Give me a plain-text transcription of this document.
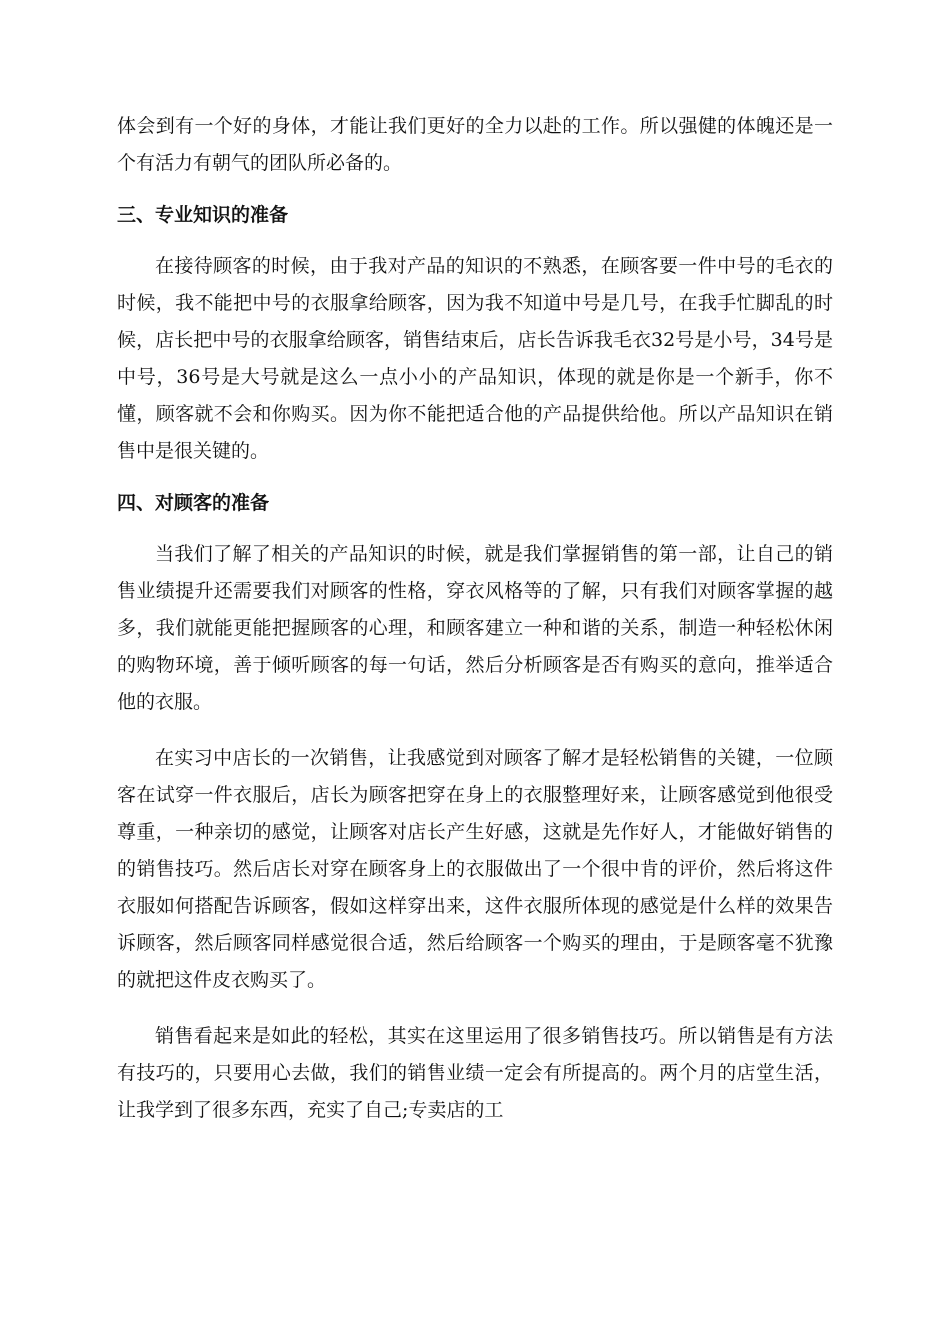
体会到有一个好的身体，才能让我们更好的全力以赴的工作。所以强健的体魄还是一个有活力有朝气的团队所必备的。

三、专业知识的准备

在接待顾客的时候，由于我对产品的知识的不熟悉，在顾客要一件中号的毛衣的时候，我不能把中号的衣服拿给顾客，因为我不知道中号是几号，在我手忙脚乱的时候，店长把中号的衣服拿给顾客，销售结束后，店长告诉我毛衣32号是小号，34号是中号，36号是大号就是这么一点小小的产品知识，体现的就是你是一个新手，你不懂，顾客就不会和你购买。因为你不能把适合他的产品提供给他。所以产品知识在销售中是很关键的。

四、对顾客的准备

当我们了解了相关的产品知识的时候，就是我们掌握销售的第一部，让自己的销售业绩提升还需要我们对顾客的性格，穿衣风格等的了解，只有我们对顾客掌握的越多，我们就能更能把握顾客的心理，和顾客建立一种和谐的关系，制造一种轻松休闲的购物环境，善于倾听顾客的每一句话，然后分析顾客是否有购买的意向，推举适合他的衣服。

在实习中店长的一次销售，让我感觉到对顾客了解才是轻松销售的关键，一位顾客在试穿一件衣服后，店长为顾客把穿在身上的衣服整理好来，让顾客感觉到他很受尊重，一种亲切的感觉，让顾客对店长产生好感，这就是先作好人，才能做好销售的的销售技巧。然后店长对穿在顾客身上的衣服做出了一个很中肯的评价，然后将这件衣服如何搭配告诉顾客，假如这样穿出来，这件衣服所体现的感觉是什么样的效果告诉顾客，然后顾客同样感觉很合适，然后给顾客一个购买的理由，于是顾客毫不犹豫的就把这件皮衣购买了。

销售看起来是如此的轻松，其实在这里运用了很多销售技巧。所以销售是有方法有技巧的，只要用心去做，我们的销售业绩一定会有所提高的。两个月的店堂生活，让我学到了很多东西，充实了自己;专卖店的工
